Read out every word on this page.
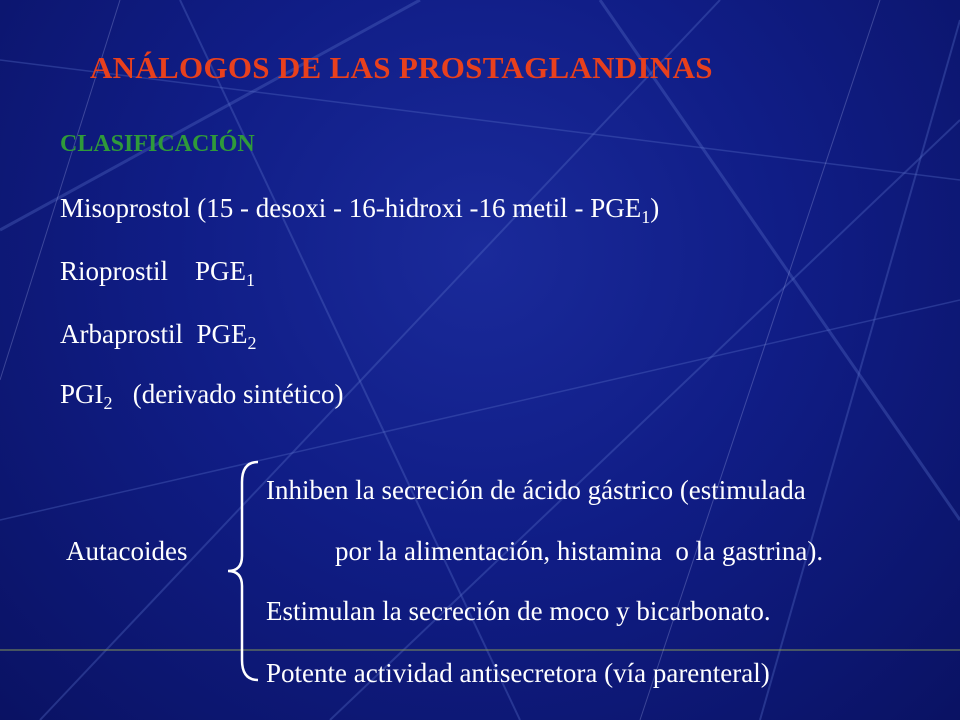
ANÁLOGOS DE LAS PROSTAGLANDINAS
CLASIFICACIÓN
Misoprostol (15 - desoxi - 16-hidroxi -16 metil - $PGE_1$)
Rioprostil    $PGE_1$
Arbaprostil  $PGE_2$
$PGI_2$   (derivado sintético)
Autacoides
Inhiben la secreción de ácido gástrico (estimulada
por la alimentación, histamina  o la gastrina).
Estimulan la secreción de moco y bicarbonato.
Potente actividad antisecretora (vía parenteral)
